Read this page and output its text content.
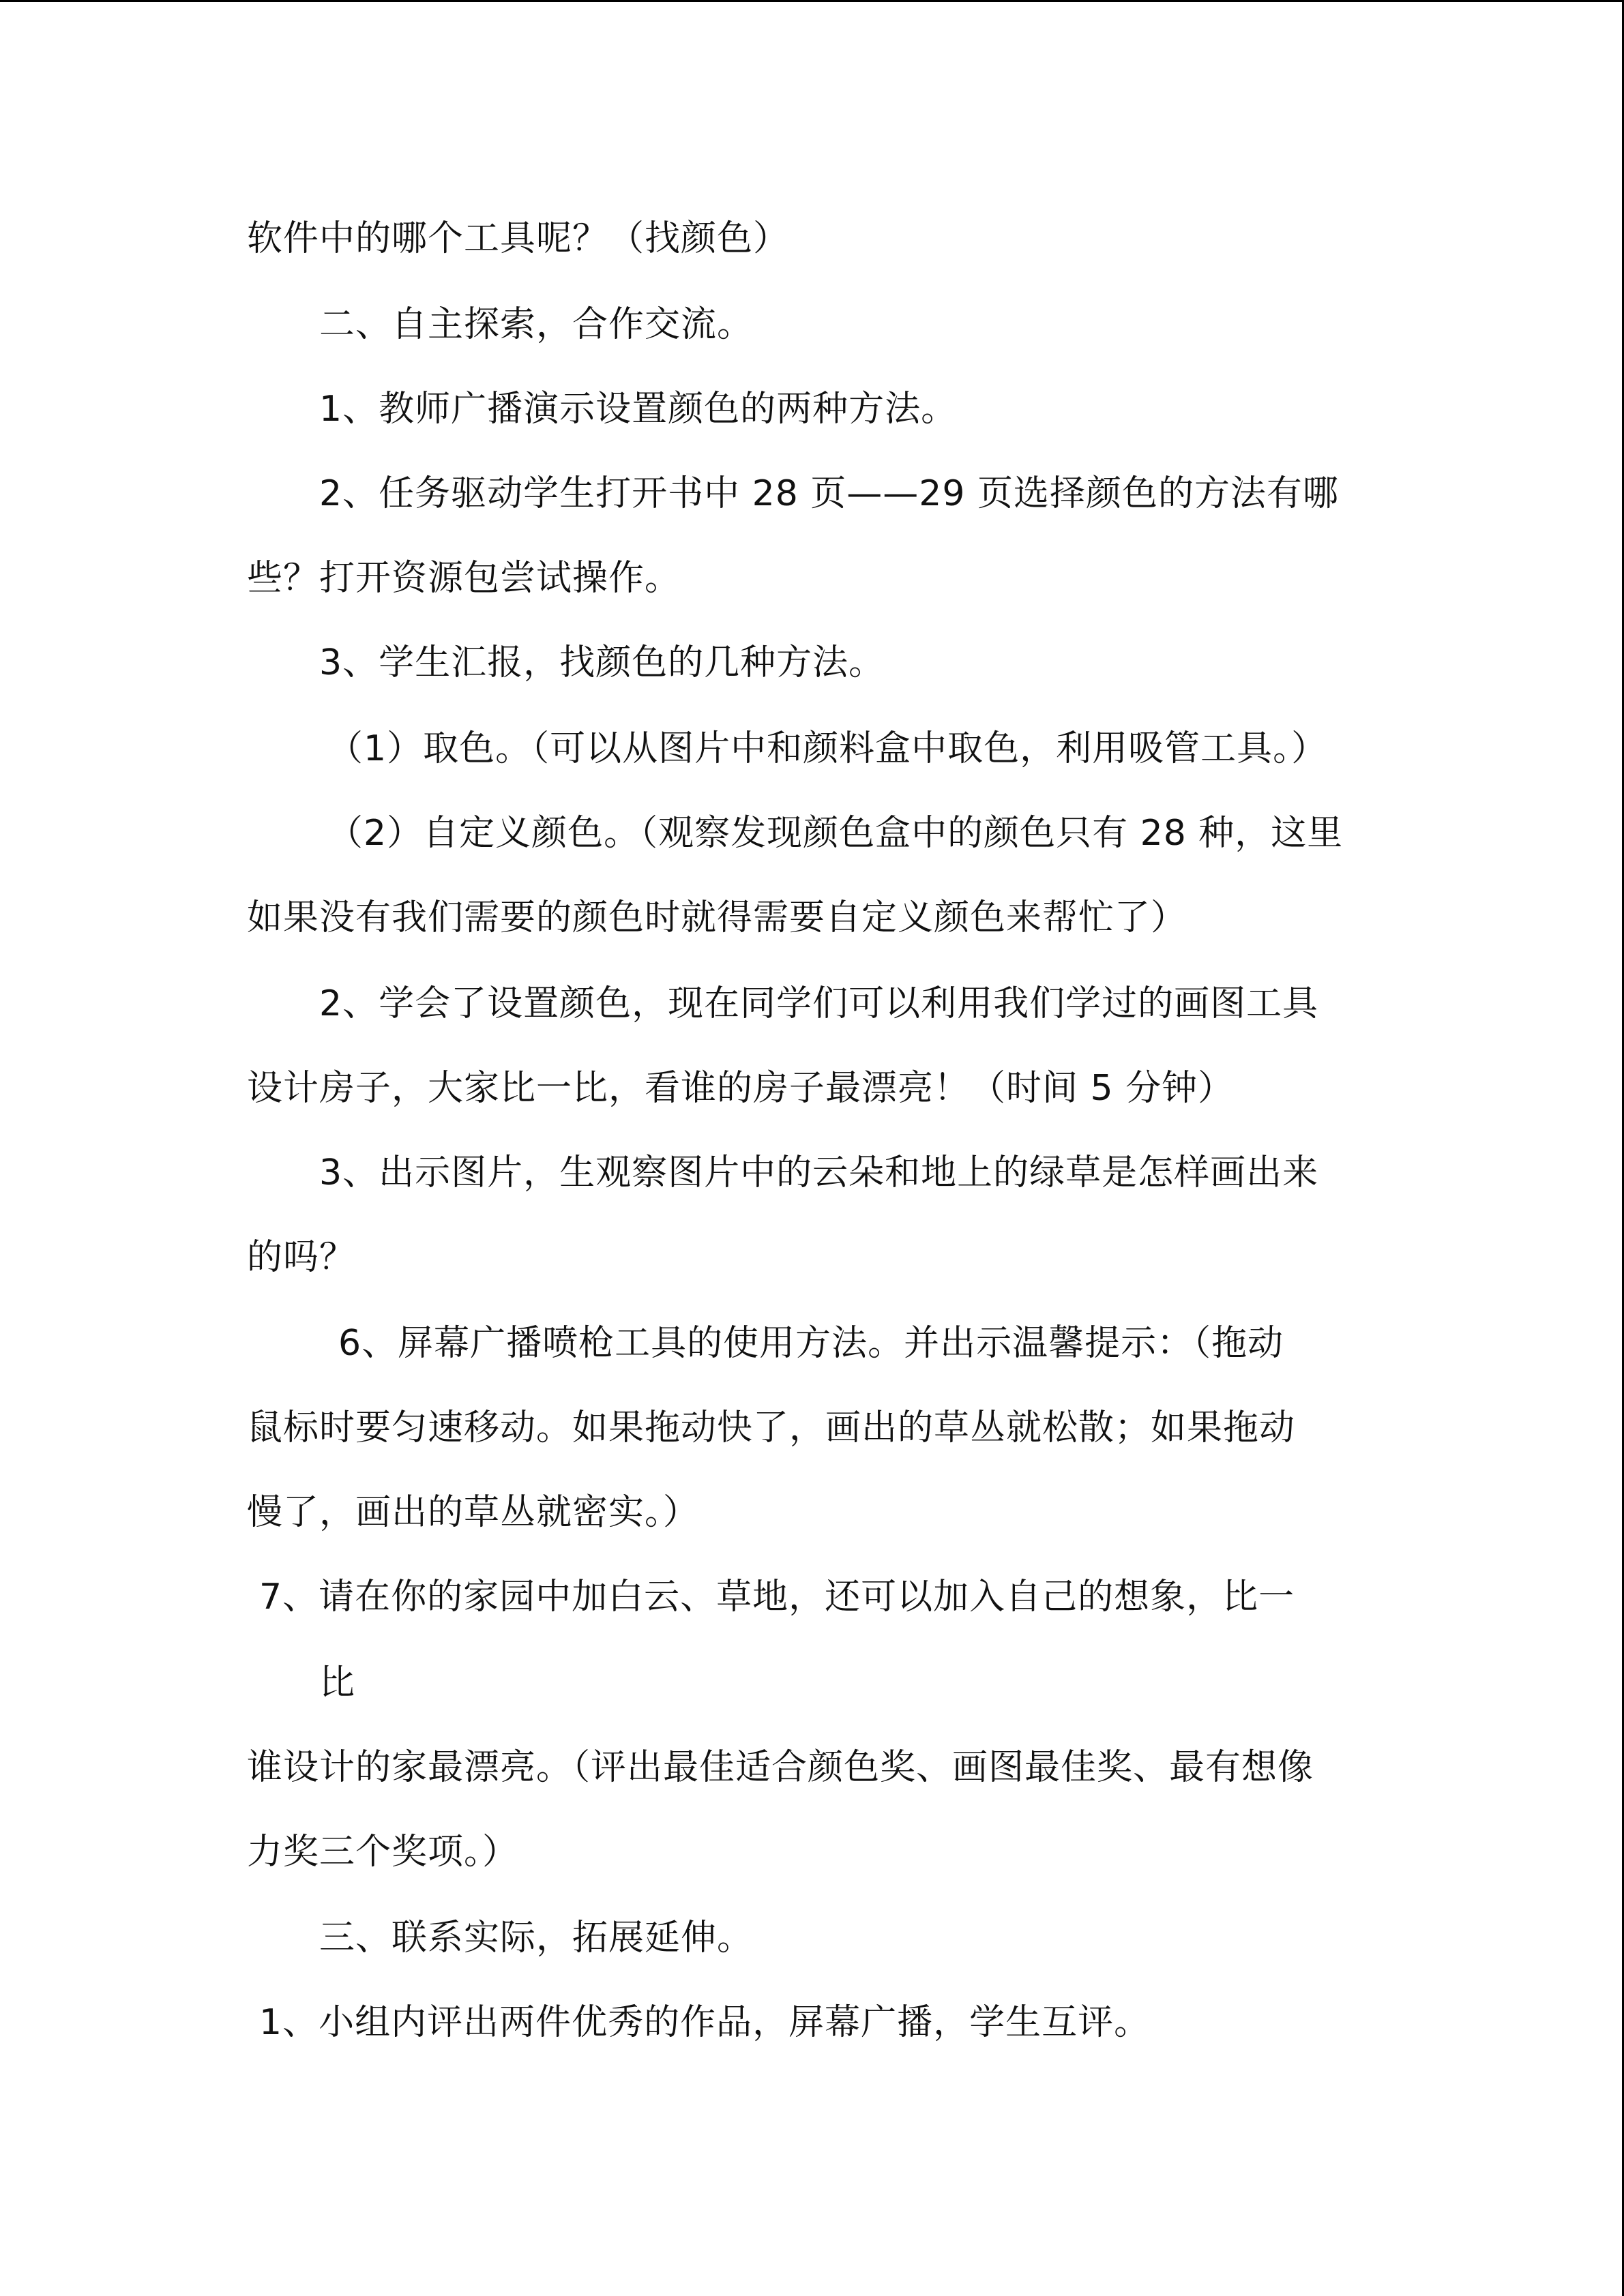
软件中的哪个工具呢？（找颜色）
二、自主探索，合作交流。
1、教师广播演示设置颜色的两种方法。
2、任务驱动学生打开书中 28 页——29 页选择颜色的方法有哪
些？打开资源包尝试操作。
3、学生汇报，找颜色的几种方法。
（1）取色。（可以从图片中和颜料盒中取色，利用吸管工具。）
（2）自定义颜色。（观察发现颜色盒中的颜色只有 28 种，这里
如果没有我们需要的颜色时就得需要自定义颜色来帮忙了）
2、学会了设置颜色，现在同学们可以利用我们学过的画图工具
设计房子，大家比一比，看谁的房子最漂亮！（时间 5 分钟）
3、出示图片，生观察图片中的云朵和地上的绿草是怎样画出来
的吗？
6、屏幕广播喷枪工具的使用方法。并出示温馨提示：（拖动
鼠标时要匀速移动。如果拖动快了，画出的草丛就松散；如果拖动
慢了，画出的草丛就密实。）
7、请在你的家园中加白云、草地，还可以加入自己的想象，比一
比
谁设计的家最漂亮。（评出最佳适合颜色奖、画图最佳奖、最有想像
力奖三个奖项。）
三、联系实际，拓展延伸。
1、小组内评出两件优秀的作品，屏幕广播，学生互评。
